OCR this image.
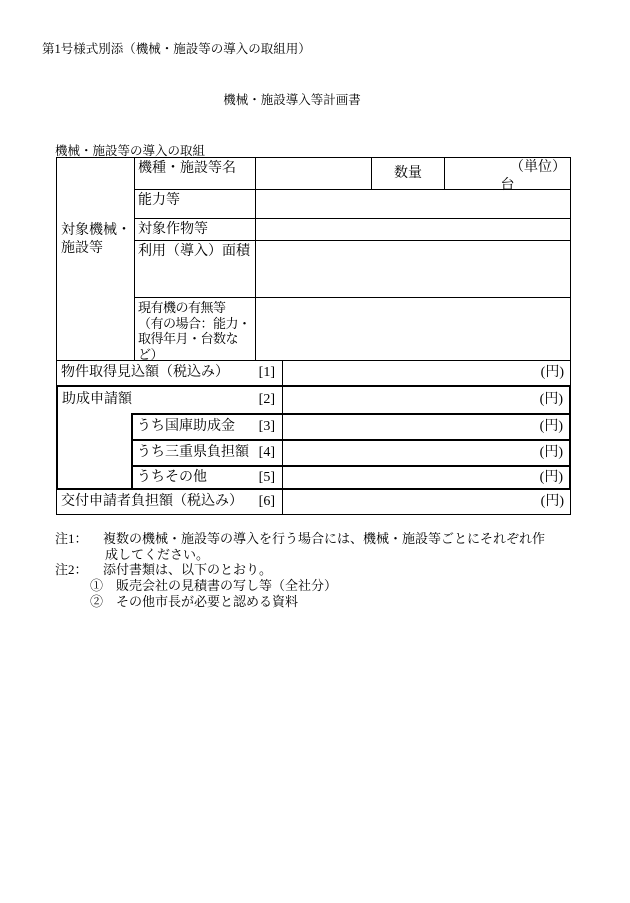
第1号様式別添（機械・施設等の導入の取組用）
機械・施設導入等計画書
機械・施設等の導入の取組
対象機械・
施設等
機種・施設等名	数量	（単位）
台
能力等
対象作物等
利用（導入）面積
現有機の有無等
（有の場合：能力・
取得年月・台数な
ど）
物件取得見込額（税込み） [1]	(円)
助成申請額	[2]	(円)
うち国庫助成金 [3]	(円)
うち三重県負担額 [4]	(円)
うちその他	[5]	(円)
交付申請者負担額（税込み） [6]	(円)
注1：	複数の機械・施設等の導入を行う場合には、機械・施設等ごとにそれぞれ作
成してください。
注2：	添付書類は、以下のとおり。
①　販売会社の見積書の写し等（全社分）
②　その他市長が必要と認める資料
